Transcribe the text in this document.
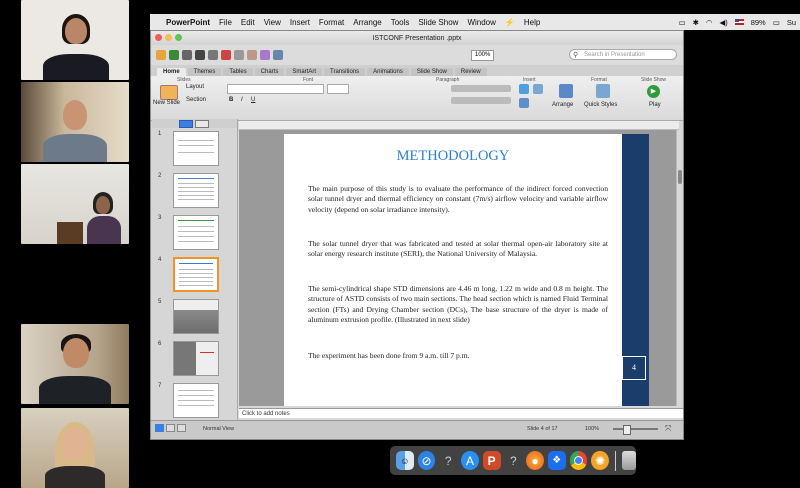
PowerPoint File Edit View Insert Format Arrange Tools Slide Show Window ⚡ Help	▭ ✱ ◠ ◀)	89% ▭ Su
ISTCONF Presentation .pptx
100%	⚲ Search in Presentation
Home	Themes	Tables	Charts	SmartArt	Transitions	Animations	Slide Show	Review
Slides	Font	Paragraph	Insert	Format	Slide Show
New Slide
Layout
Section	B I U
Arrange Quick Styles
▶
Play
1
2
3
4
5
6
7
METHODOLOGY
The main purpose of this study is to evaluate the performance of the indirect forced convection solar tunnel dryer and thermal efficiency on constant (7m/s) airflow velocity and variable airflow velocity (depend on solar irradiance intensity).
The solar tunnel dryer that was fabricated and tested at solar thermal open-air laboratory site at solar energy research institute (SERI), the National University of Malaysia.
The semi-cylindrical shape STD dimensions are 4.46 m long, 1.22 m wide and 0.8 m height. The structure of ASTD consists of two main sections. The head section which is named Fluid Terminal section (FTs) and Drying Chamber section (DCs), The base structure of the dryer is made of aluminum extrusion profile. (Illustrated in next slide)
The experiment has been done from 9 a.m. till 7 p.m.
4
Click to add notes
Normal View	Slide 4 of 17	100%	⤧
☺	⊘	?	A	P	?	●	❖	✺
